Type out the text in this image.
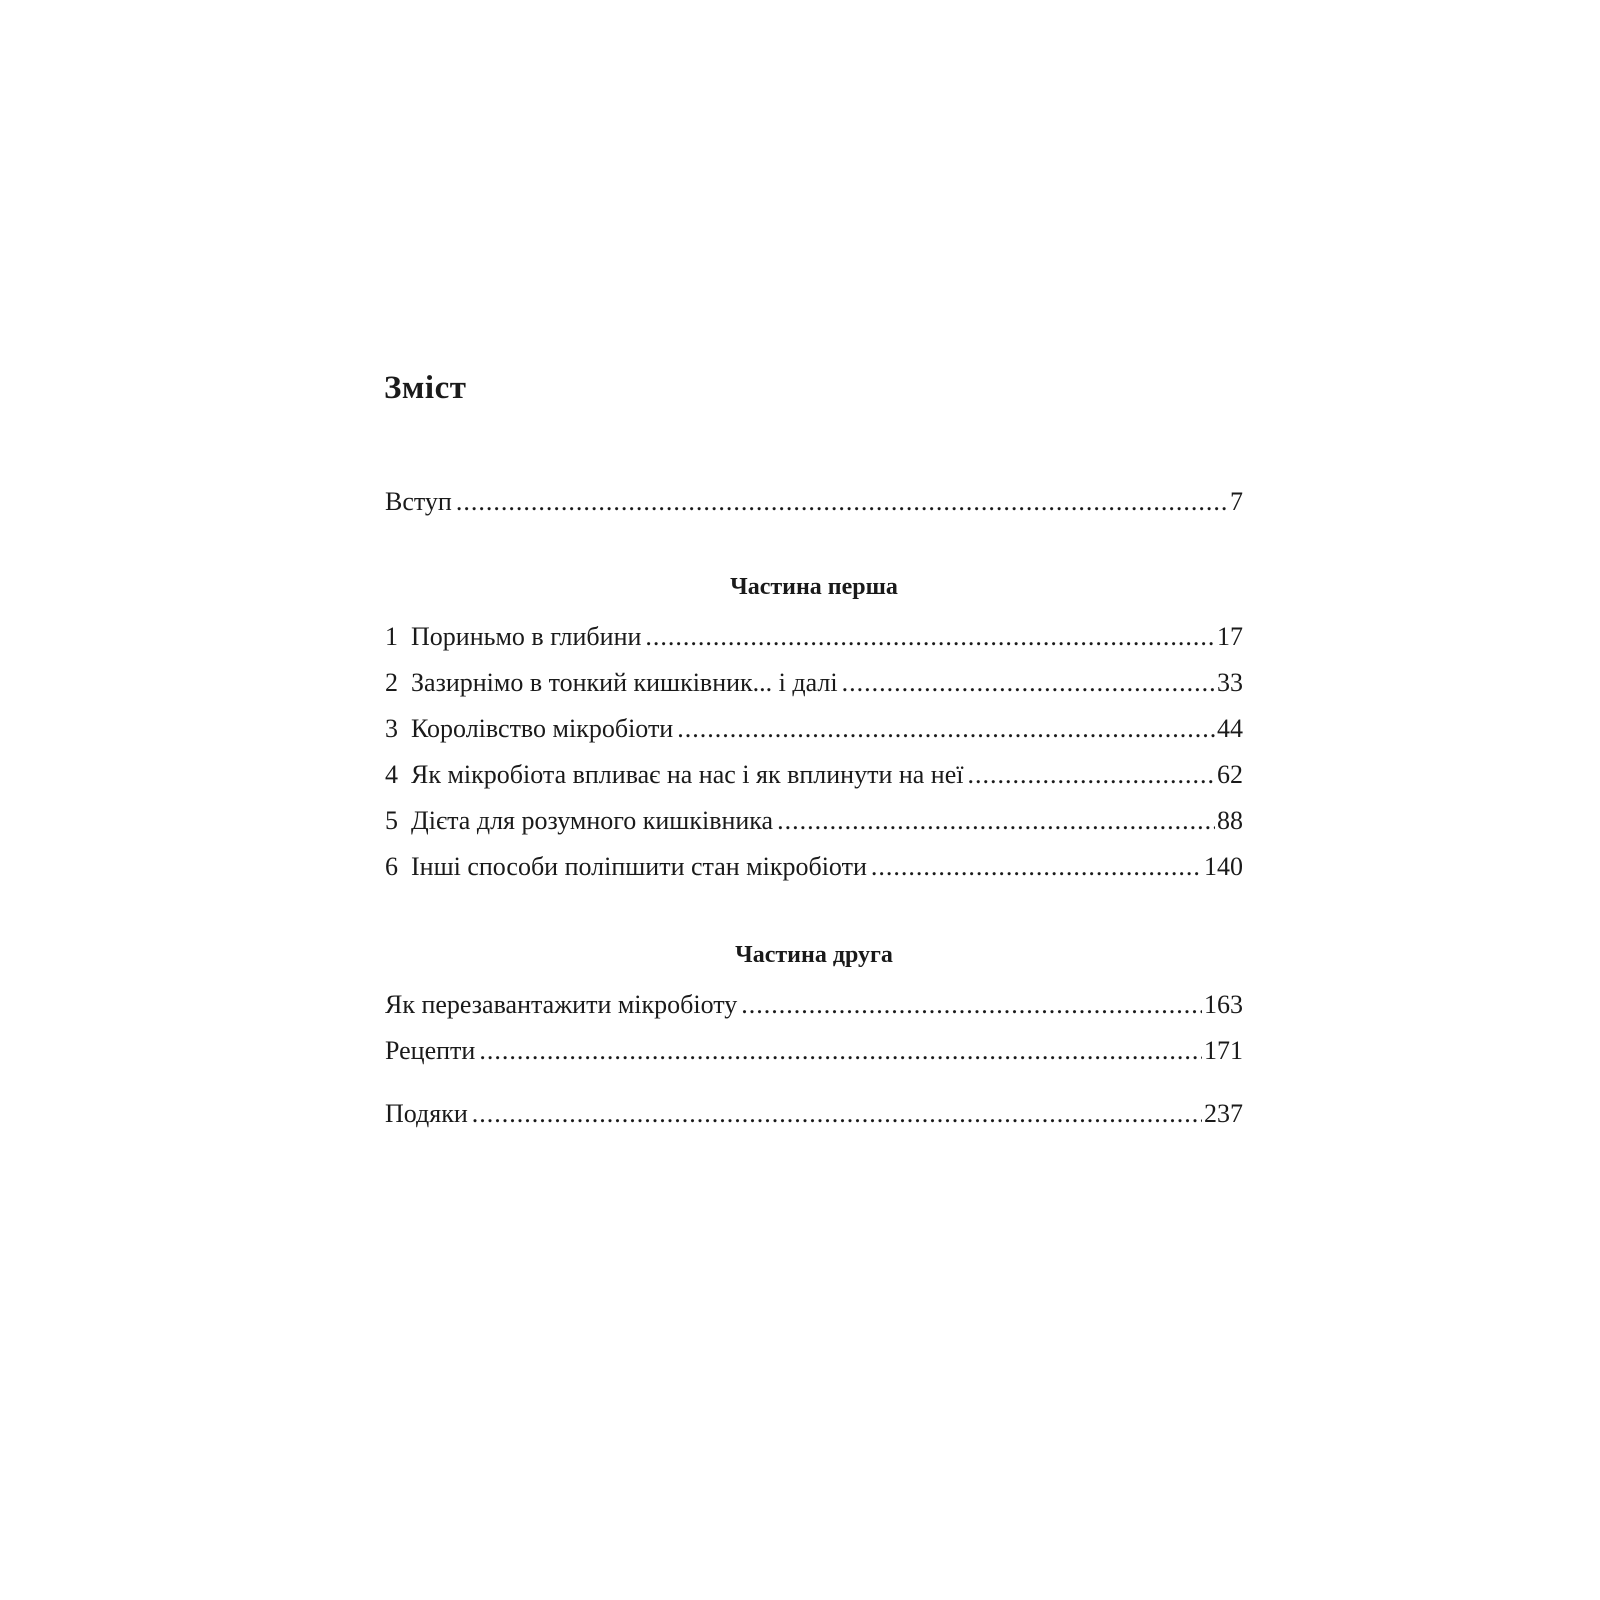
Зміст
Вступ .....	7
Частина перша
1 Пориньмо в глибини .....	17
2 Зазирнімо в тонкий кишківник... і далі .....	33
3 Королівство мікробіоти .....	44
4 Як мікробіота впливає на нас і як вплинути на неї .....	62
5 Дієта для розумного кишківника .....	88
6 Інші способи поліпшити стан мікробіоти .....	140
Частина друга
Як перезавантажити мікробіоту .....	163
Рецепти .....	171
Подяки .....	237
